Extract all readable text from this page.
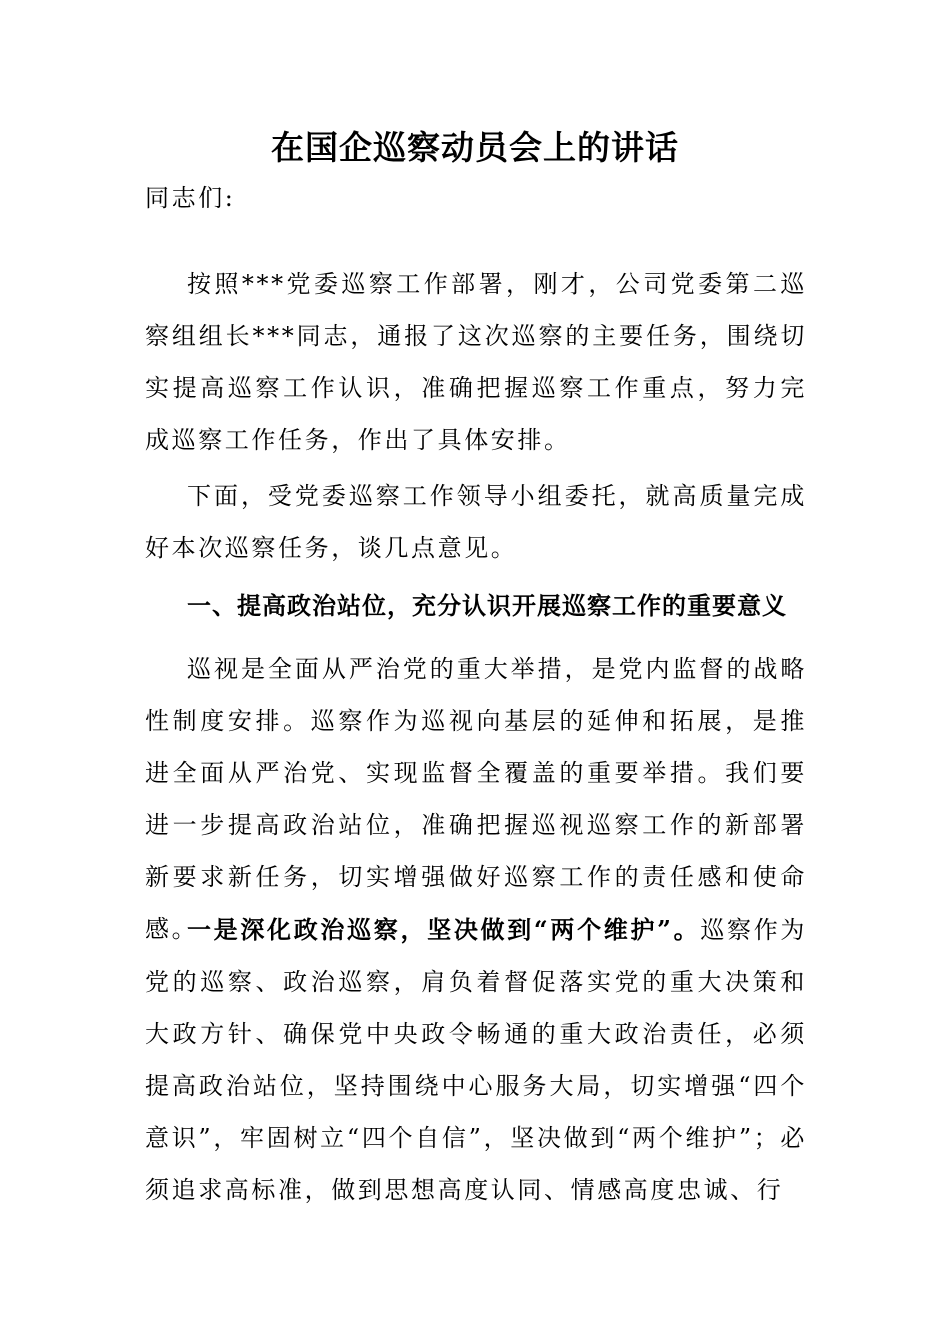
在国企巡察动员会上的讲话

同志们:

按照***党委巡察工作部署，刚才，公司党委第二巡察组组长***同志，通报了这次巡察的主要任务，围绕切实提高巡察工作认识，准确把握巡察工作重点，努力完成巡察工作任务，作出了具体安排。

下面，受党委巡察工作领导小组委托，就高质量完成好本次巡察任务，谈几点意见。

一、提高政治站位，充分认识开展巡察工作的重要意义

巡视是全面从严治党的重大举措，是党内监督的战略性制度安排。巡察作为巡视向基层的延伸和拓展，是推进全面从严治党、实现监督全覆盖的重要举措。我们要进一步提高政治站位，准确把握巡视巡察工作的新部署新要求新任务，切实增强做好巡察工作的责任感和使命感。

一是深化政治巡察，坚决做到“两个维护”。巡察作为党的巡察、政治巡察，肩负着督促落实党的重大决策和大政方针、确保党中央政令畅通的重大政治责任，必须提高政治站位，坚持围绕中心服务大局，切实增强“四个意识”，牢固树立“四个自信”，坚决做到“两个维护”；必须追求高标准，做到思想高度认同、情感高度忠诚、行
